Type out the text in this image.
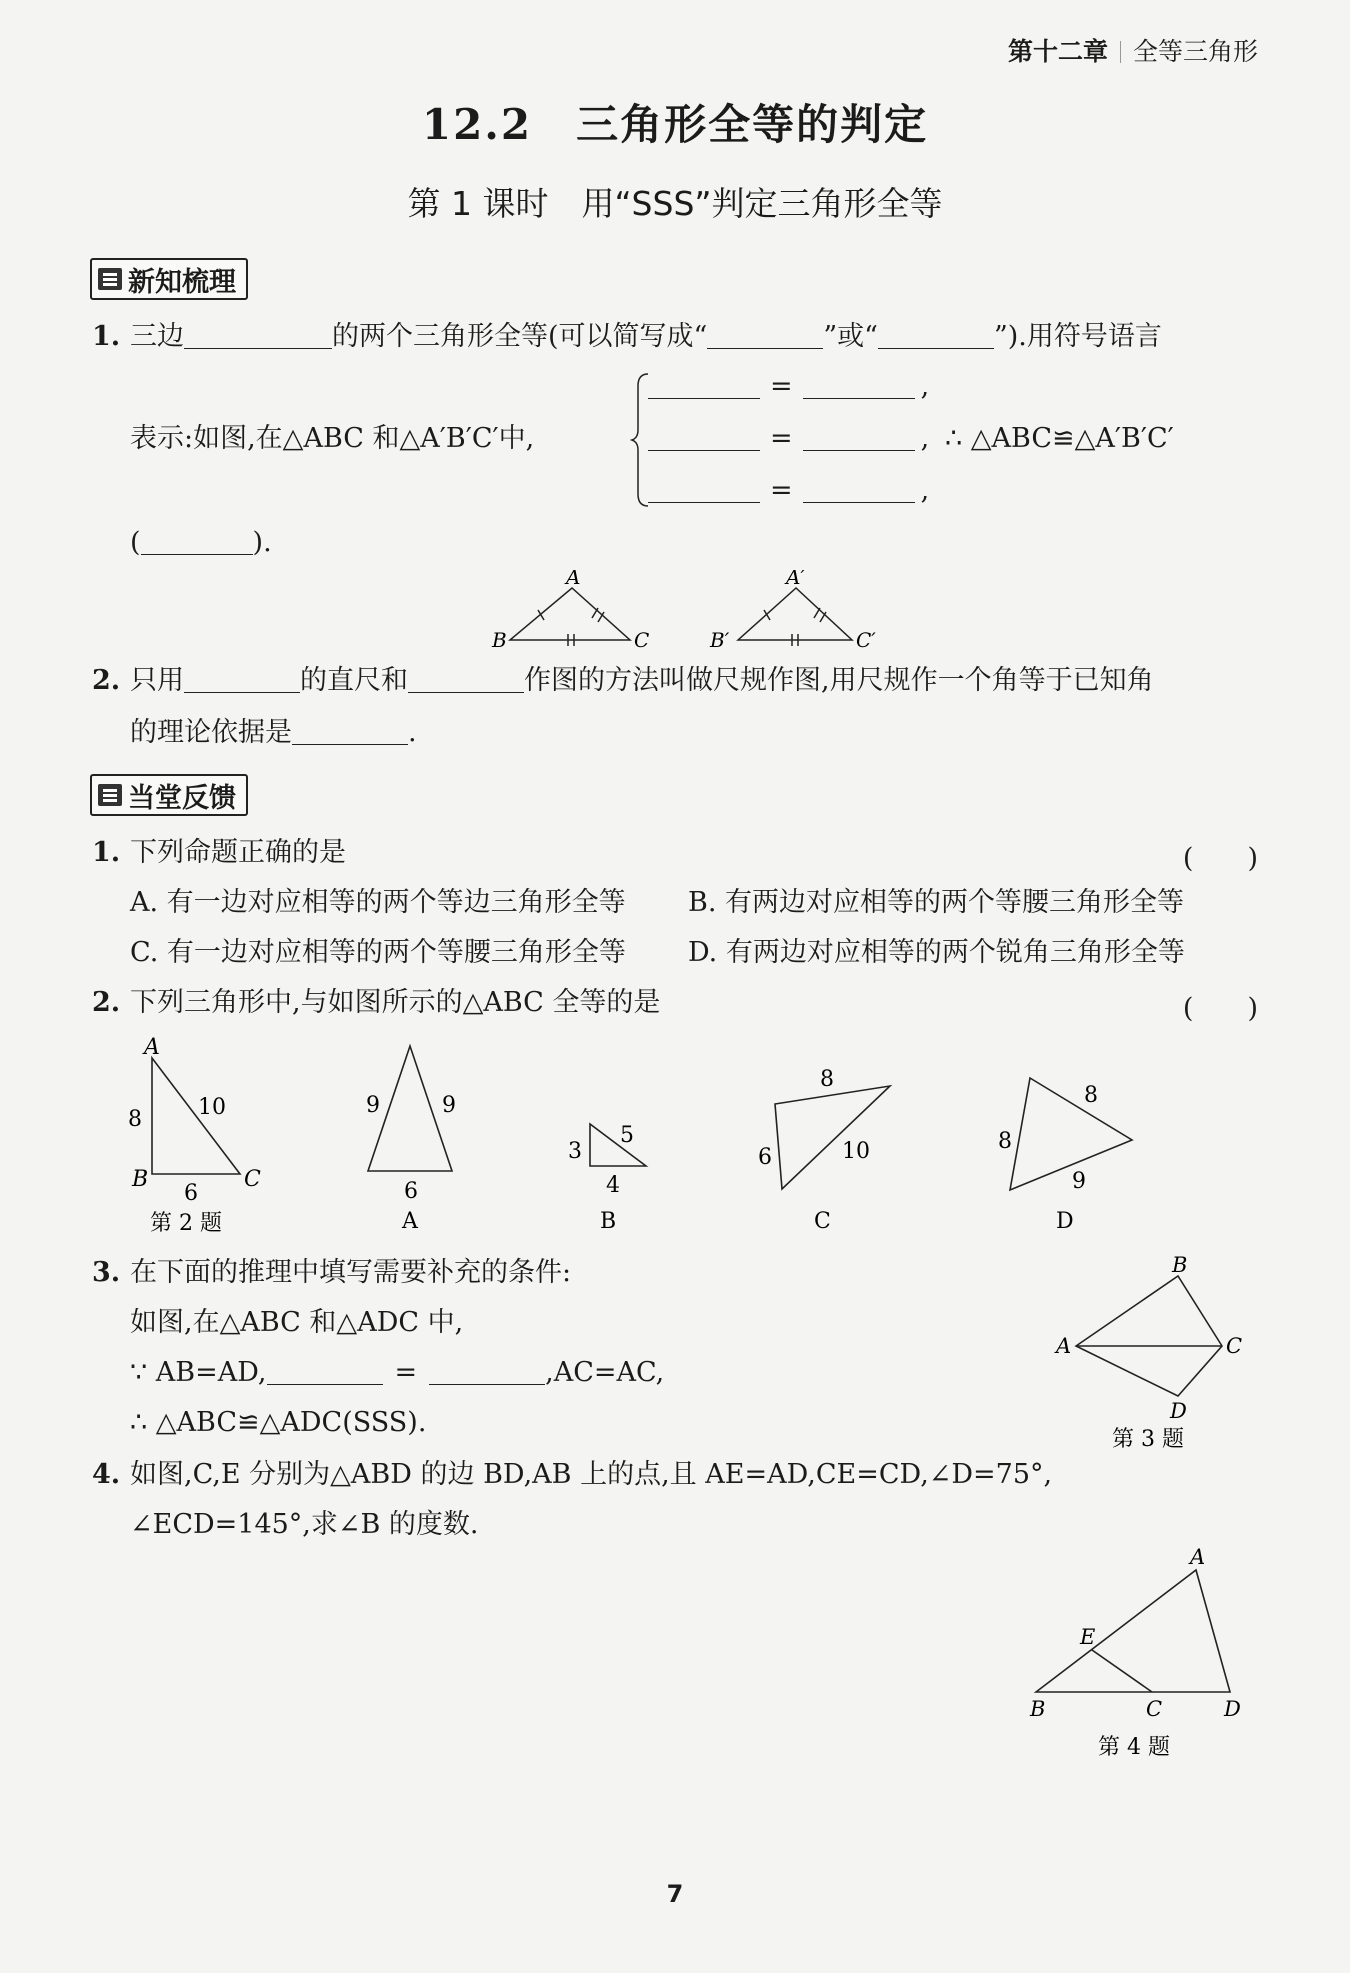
第十二章 全等三角形
12.2　三角形全等的判定
第 1 课时　用“SSS”判定三角形全等
新知梳理
1. 三边	的两个三角形全等(可以简写成“	”或“	”).用符号语言
表示:如图,在△ABC 和△A′B′C′中,
=	,
=	,
=	,
∴ △ABC≌△A′B′C′
(	).
A
B	C
A′
B′	C′
2. 只用	的直尺和	作图的方法叫做尺规作图,用尺规作一个角等于已知角
的理论依据是	.
当堂反馈
1. 下列命题正确的是	(　　)
A. 有一边对应相等的两个等边三角形全等 B. 有两边对应相等的两个等腰三角形全等
C. 有一边对应相等的两个等腰三角形全等 D. 有两边对应相等的两个锐角三角形全等
2. 下列三角形中,与如图所示的△ABC 全等的是	(　　)
A
B	C
8	10
6
第 2 题
9	9
6
A
3
5
4
B
8
6	10
C
8
8
9
D
3. 在下面的推理中填写需要补充的条件:
如图,在△ABC 和△ADC 中,
∵ AB=AD,	=	,AC=AC,
∴ △ABC≌△ADC(SSS).
B
A	C
D
第 3 题
4. 如图,C,E 分别为△ABD 的边 BD,AB 上的点,且 AE=AD,CE=CD,∠D=75°,
∠ECD=145°,求∠B 的度数.
A
E
B	C	D
第 4 题
7
